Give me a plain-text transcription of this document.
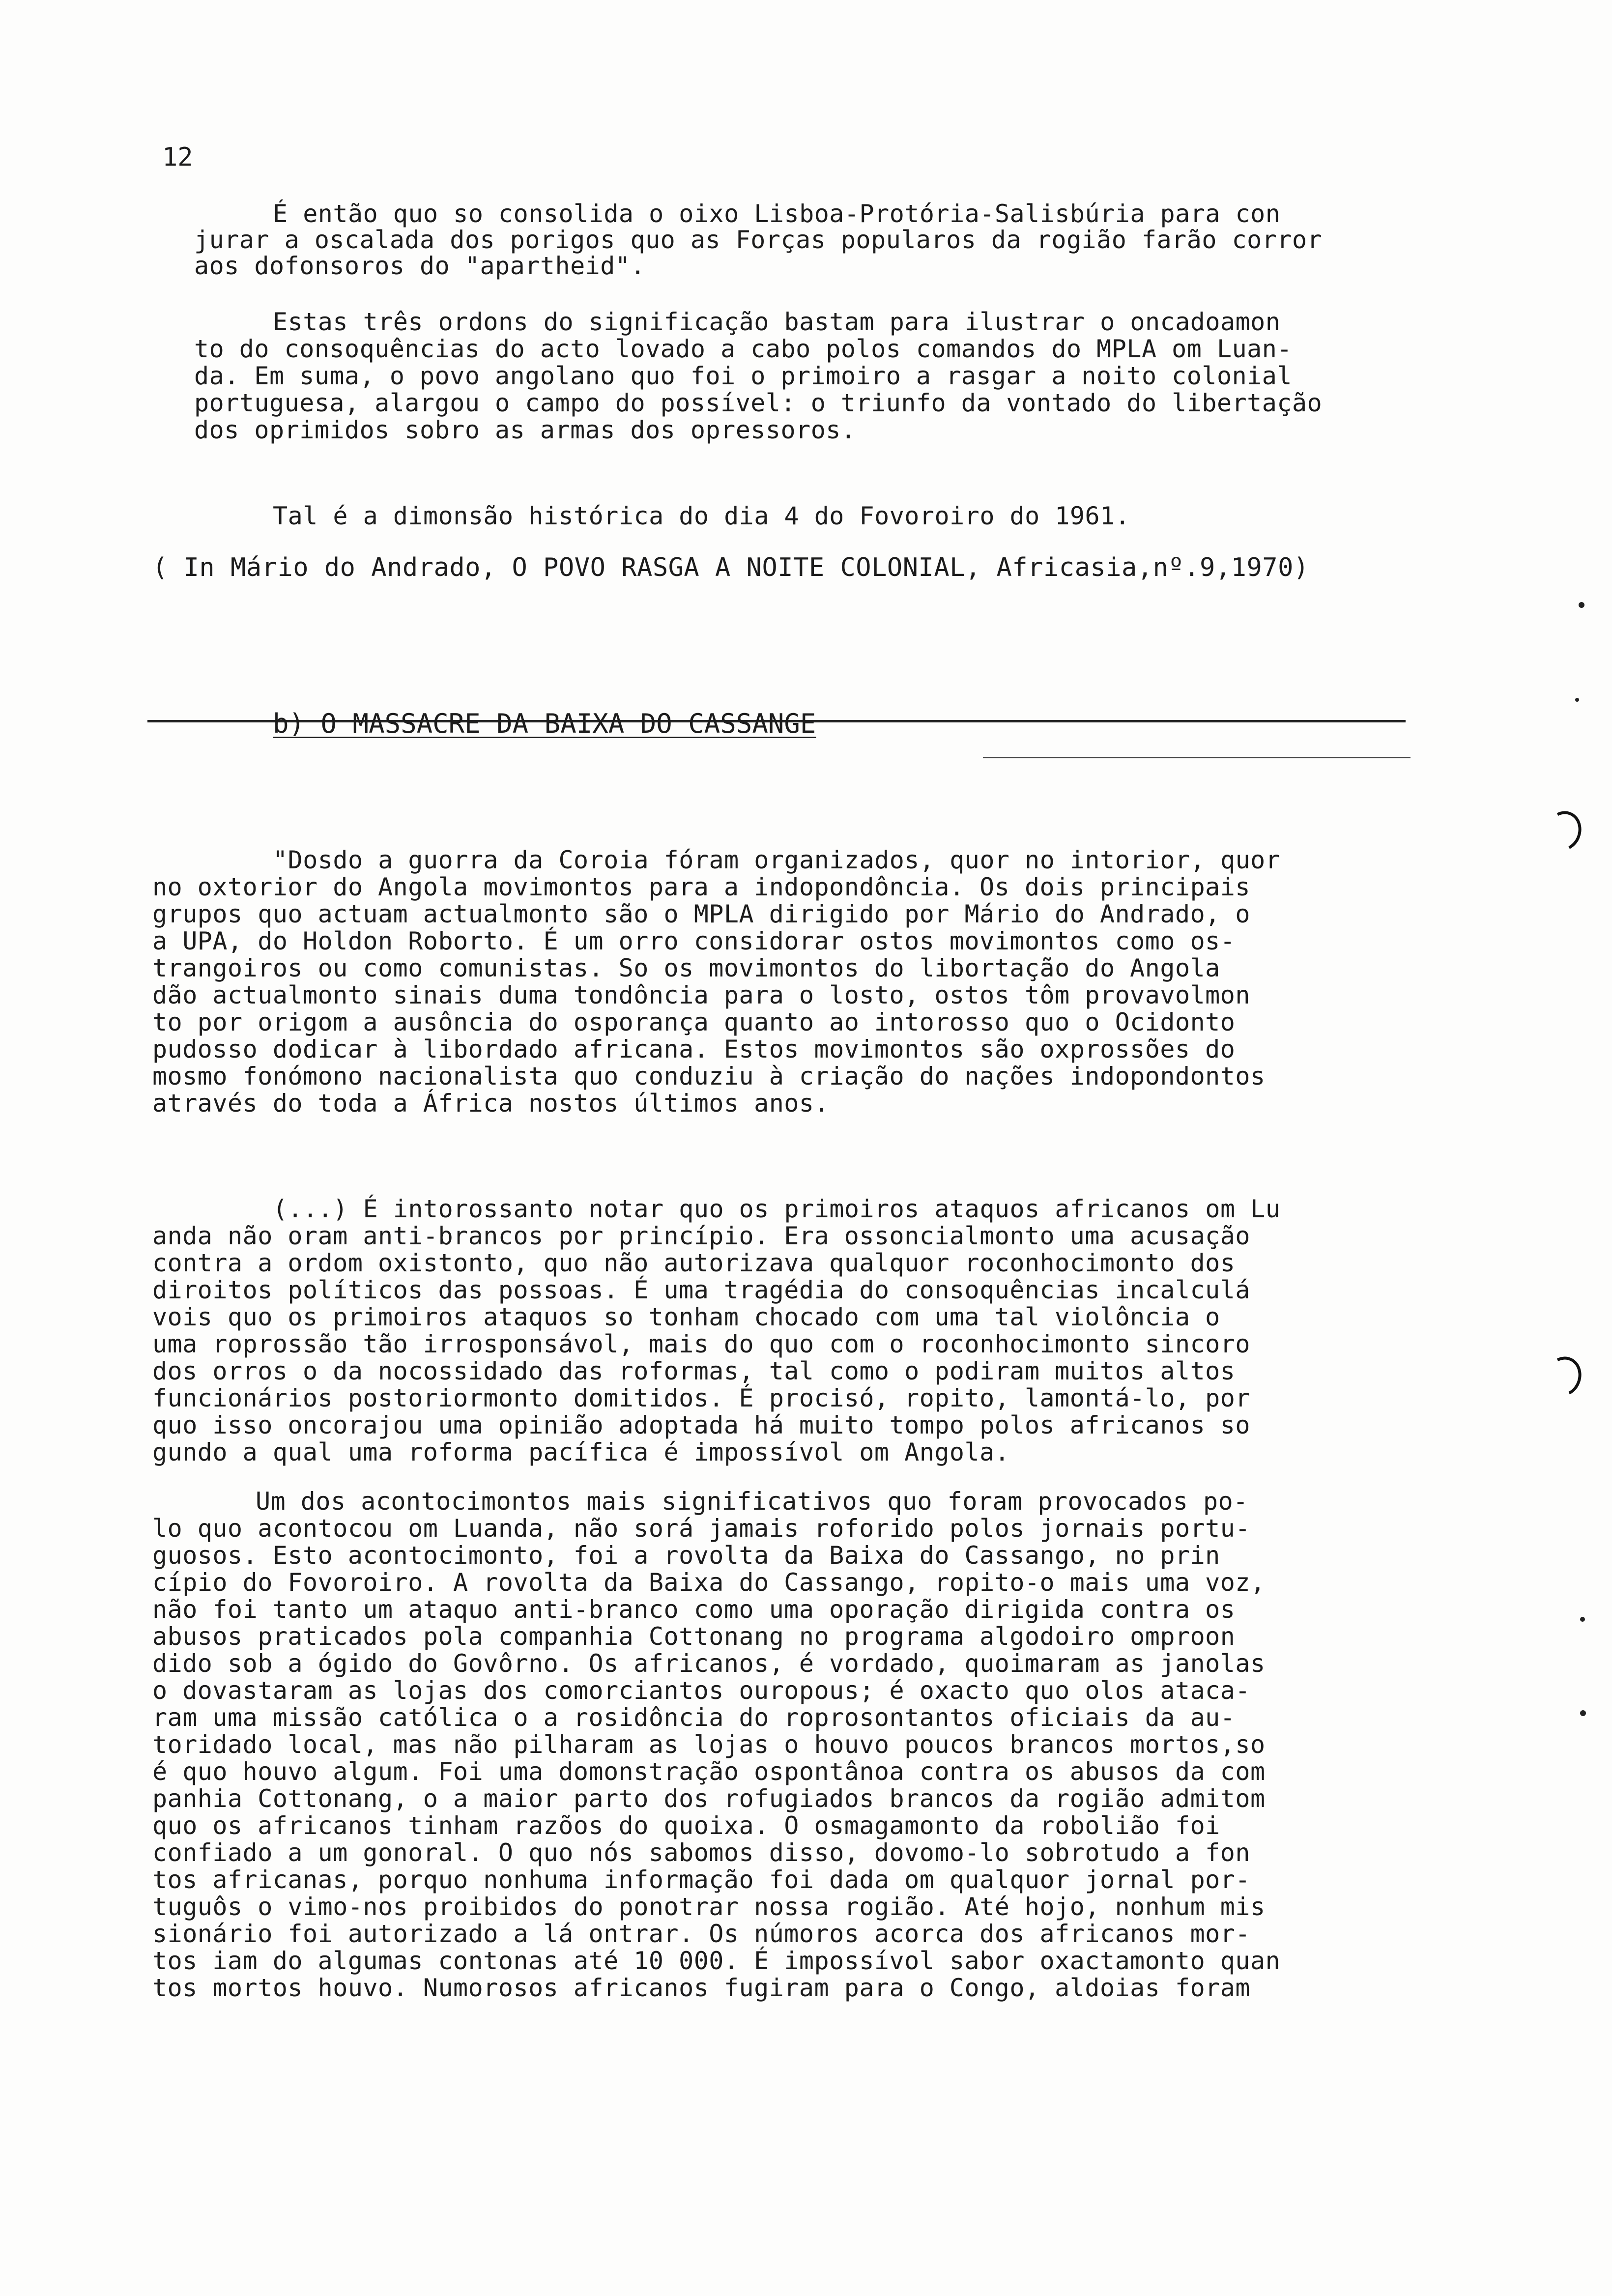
12
É então quo so consolida o oixo Lisboa-Protória-Salisbúria para con
jurar a oscalada dos porigos quo as Forças popularos da rogião farão corror
aos dofonsoros do "apartheid".
Estas três ordons do significação bastam para ilustrar o oncadoamon
to do consoquências do acto lovado a cabo polos comandos do MPLA om Luan-
da. Em suma, o povo angolano quo foi o primoiro a rasgar a noito colonial
portuguesa, alargou o campo do possível: o triunfo da vontado do libertação
dos oprimidos sobro as armas dos opressoros.
Tal é a dimonsão histórica do dia 4 do Fovoroiro do 1961.
( In Mário do Andrado, O POVO RASGA A NOITE COLONIAL, Africasia,nº.9,1970)
b) O MASSACRE DA BAIXA DO CASSANGE
"Dosdo a guorra da Coroia fóram organizados, quor no intorior, quor
no oxtorior do Angola movimontos para a indopondôncia. Os dois principais
grupos quo actuam actualmonto são o MPLA dirigido por Mário do Andrado, o
a UPA, do Holdon Roborto. É um orro considorar ostos movimontos como os-
trangoiros ou como comunistas. So os movimontos do libortação do Angola
dão actualmonto sinais duma tondôncia para o losto, ostos tôm provavolmon
to por origom a ausôncia do osporança quanto ao intorosso quo o Ocidonto
pudosso dodicar à libordado africana. Estos movimontos são oxprossões do
mosmo fonómono nacionalista quo conduziu à criação do nações indopondontos
através do toda a África nostos últimos anos.
(...) É intorossanto notar quo os primoiros ataquos africanos om Lu
anda não oram anti-brancos por princípio. Era ossoncialmonto uma acusação
contra a ordom oxistonto, quo não autorizava qualquor roconhocimonto dos
diroitos políticos das possoas. É uma tragédia do consoquências incalculá
vois quo os primoiros ataquos so tonham chocado com uma tal violôncia o
uma roprossão tão irrosponsávol, mais do quo com o roconhocimonto sincoro
dos orros o da nocossidado das roformas, tal como o podiram muitos altos
funcionários postoriormonto domitidos. É procisó, ropito, lamontá-lo, por
quo isso oncorajou uma opinião adoptada há muito tompo polos africanos so
gundo a qual uma roforma pacífica é impossívol om Angola.
Um dos acontocimontos mais significativos quo foram provocados po-
lo quo acontocou om Luanda, não sorá jamais roforido polos jornais portu-
guosos. Esto acontocimonto, foi a rovolta da Baixa do Cassango, no prin
cípio do Fovoroiro. A rovolta da Baixa do Cassango, ropito-o mais uma voz,
não foi tanto um ataquo anti-branco como uma oporação dirigida contra os
abusos praticados pola companhia Cottonang no programa algodoiro omproon
dido sob a ógido do Govôrno. Os africanos, é vordado, quoimaram as janolas
o dovastaram as lojas dos comorciantos ouropous; é oxacto quo olos ataca-
ram uma missão católica o a rosidôncia do roprosontantos oficiais da au-
toridado local, mas não pilharam as lojas o houvo poucos brancos mortos,so
é quo houvo algum. Foi uma domonstração ospontânoa contra os abusos da com
panhia Cottonang, o a maior parto dos rofugiados brancos da rogião admitom
quo os africanos tinham razõos do quoixa. O osmagamonto da robolião foi
confiado a um gonoral. O quo nós sabomos disso, dovomo-lo sobrotudo a fon
tos africanas, porquo nonhuma informação foi dada om qualquor jornal por-
tuguôs o vimo-nos proibidos do ponotrar nossa rogião. Até hojo, nonhum mis
sionário foi autorizado a lá ontrar. Os númoros acorca dos africanos mor-
tos iam do algumas contonas até 10 000. É impossívol sabor oxactamonto quan
tos mortos houvo. Numorosos africanos fugiram para o Congo, aldoias foram
